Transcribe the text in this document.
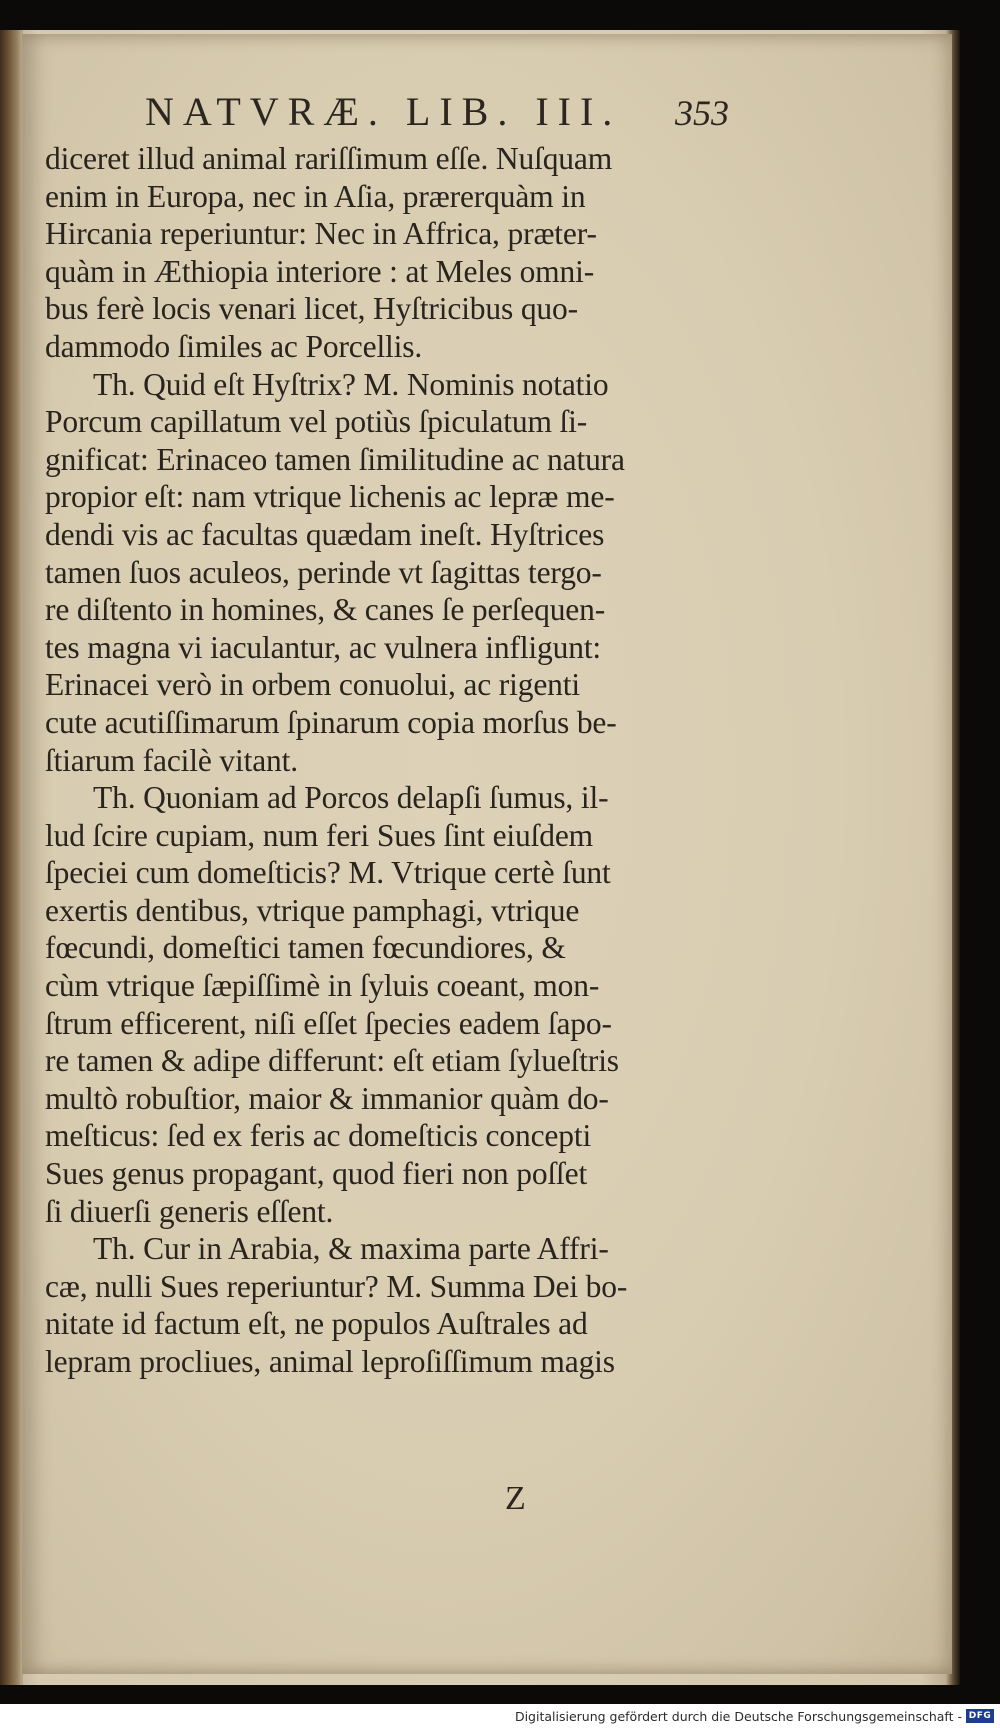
NATVRÆ. LIB. III.	353
diceret illud animal rariſſimum eſſe. Nuſquam
enim in Europa, nec in Aſia, prærerquàm in
Hircania reperiuntur: Nec in Affrica, præter-
quàm in Æthiopia interiore : at Meles omni-
bus ferè locis venari licet, Hyſtricibus quo-
dammodo ſimiles ac Porcellis.
Th. Quid eſt Hyſtrix? M. Nominis notatio
Porcum capillatum vel potiùs ſpiculatum ſi-
gnificat: Erinaceo tamen ſimilitudine ac natura
propior eſt: nam vtrique lichenis ac lepræ me-
dendi vis ac facultas quædam ineſt. Hyſtrices
tamen ſuos aculeos, perinde vt ſagittas tergo-
re diſtento in homines, & canes ſe perſequen-
tes magna vi iaculantur, ac vulnera infligunt:
Erinacei verò in orbem conuolui, ac rigenti
cute acutiſſimarum ſpinarum copia morſus be-
ſtiarum facilè vitant.
Th. Quoniam ad Porcos delapſi ſumus, il-
lud ſcire cupiam, num feri Sues ſint eiuſdem
ſpeciei cum domeſticis? M. Vtrique certè ſunt
exertis dentibus, vtrique pamphagi, vtrique
fœcundi, domeſtici tamen fœcundiores, &
cùm vtrique ſæpiſſimè in ſyluis coeant, mon-
ſtrum efficerent, niſi eſſet ſpecies eadem ſapo-
re tamen & adipe differunt: eſt etiam ſylueſtris
multò robuſtior, maior & immanior quàm do-
meſticus: ſed ex feris ac domeſticis concepti
Sues genus propagant, quod fieri non poſſet
ſi diuerſi generis eſſent.
Th. Cur in Arabia, & maxima parte Affri-
cæ, nulli Sues reperiuntur? M. Summa Dei bo-
nitate id factum eſt, ne populos Auſtrales ad
lepram procliues, animal leproſiſſimum magis
Z
Digitalisierung gefördert durch die Deutsche Forschungsgemeinschaft - DFG
